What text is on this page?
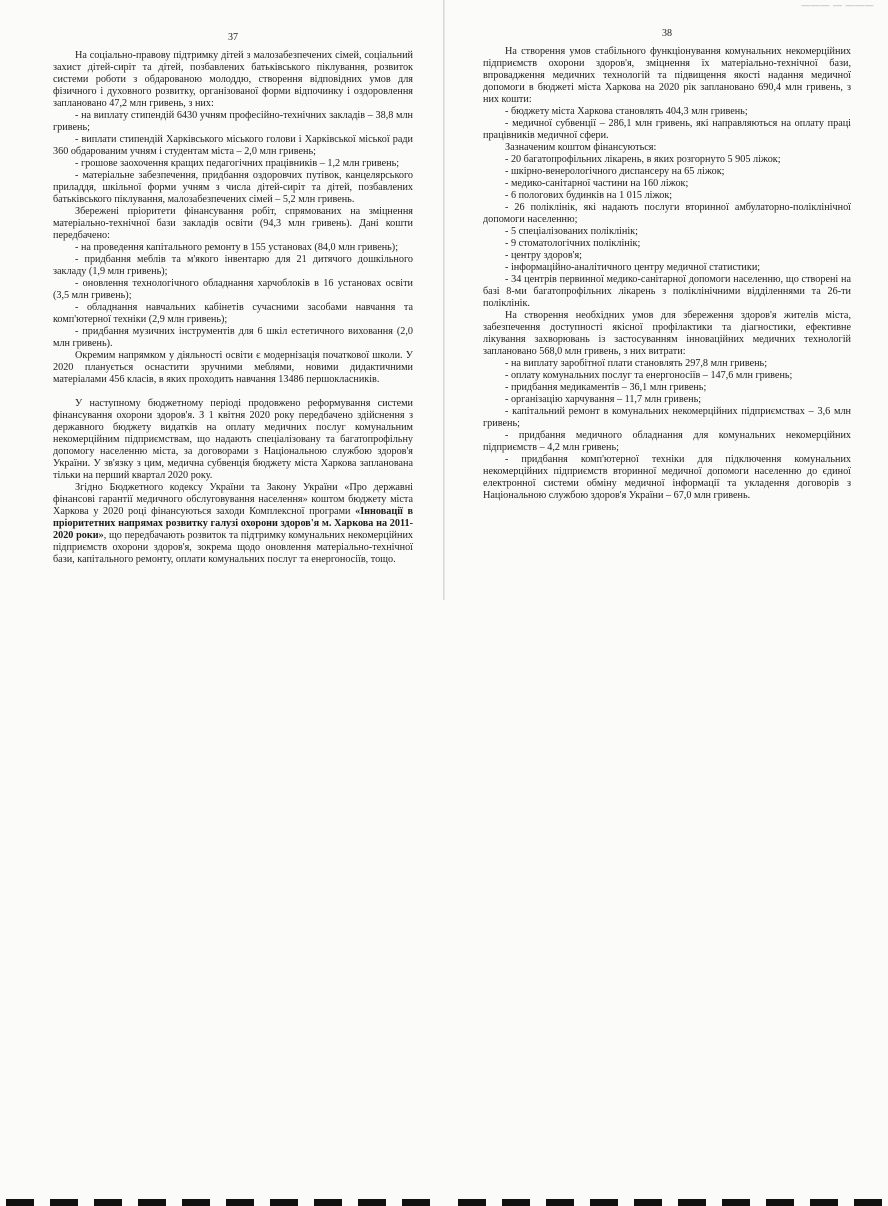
——— — ———
37

На соціально-правову підтримку дітей з малозабезпечених сімей, соціальний захист дітей-сиріт та дітей, позбавлених батьківського піклування, розвиток системи роботи з обдарованою молоддю, створення відповідних умов для фізичного і духовного розвитку, організованої форми відпочинку і оздоровлення заплановано 47,2 млн гривень, з них:

- на виплату стипендій 6430 учням професійно-технічних закладів – 38,8 млн гривень;

- виплати стипендій Харківського міського голови і Харківської міської ради 360 обдарованим учням і студентам міста – 2,0 млн гривень;

- грошове заохочення кращих педагогічних працівників – 1,2 млн гривень;

- матеріальне забезпечення, придбання оздоровчих путівок, канцелярського приладдя, шкільної форми учням з числа дітей-сиріт та дітей, позбавлених батьківського піклування, малозабезпечених сімей – 5,2 млн гривень.

Збережені пріоритети фінансування робіт, спрямованих на зміцнення матеріально-технічної бази закладів освіти (94,3 млн гривень). Дані кошти передбачено:

- на проведення капітального ремонту в 155 установах (84,0 млн гривень);

- придбання меблів та м'якого інвентарю для 21 дитячого дошкільного закладу (1,9 млн гривень);

- оновлення технологічного обладнання харчоблоків в 16 установах освіти (3,5 млн гривень);

- обладнання навчальних кабінетів сучасними засобами навчання та комп'ютерної техніки (2,9 млн гривень);

- придбання музичних інструментів для 6 шкіл естетичного виховання (2,0 млн гривень).

Окремим напрямком у діяльності освіти є модернізація початкової школи. У 2020 планується оснастити зручними меблями, новими дидактичними матеріалами 456 класів, в яких проходить навчання 13486 першокласників.

У наступному бюджетному періоді продовжено реформування системи фінансування охорони здоров'я. З 1 квітня 2020 року передбачено здійснення з державного бюджету видатків на оплату медичних послуг комунальним некомерційним підприємствам, що надають спеціалізовану та багатопрофільну допомогу населенню міста, за договорами з Національною службою здоров'я України. У зв'язку з цим, медична субвенція бюджету міста Харкова запланована тільки на перший квартал 2020 року.

Згідно Бюджетного кодексу України та Закону України «Про державні фінансові гарантії медичного обслуговування населення» коштом бюджету міста Харкова у 2020 році фінансуються заходи Комплексної програми «Інновації в пріоритетних напрямах розвитку галузі охорони здоров'я м. Харкова на 2011-2020 роки», що передбачають розвиток та підтримку комунальних некомерційних підприємств охорони здоров'я, зокрема щодо оновлення матеріально-технічної бази, капітального ремонту, оплати комунальних послуг та енергоносіїв, тощо.

38

На створення умов стабільного функціонування комунальних некомерційних підприємств охорони здоров'я, зміцнення їх матеріально-технічної бази, впровадження медичних технологій та підвищення якості надання медичної допомоги в бюджеті міста Харкова на 2020 рік заплановано 690,4 млн гривень, з них кошти:

- бюджету міста Харкова становлять 404,3 млн гривень;

- медичної субвенції – 286,1 млн гривень, які направляються на оплату праці працівників медичної сфери.

Зазначеним коштом фінансуються:

- 20 багатопрофільних лікарень, в яких розгорнуто 5 905 ліжок;

- шкірно-венерологічного диспансеру на 65 ліжок;

- медико-санітарної частини на 160 ліжок;

- 6 пологових будинків на 1 015 ліжок;

- 26 поліклінік, які надають послуги вторинної амбулаторно-поліклінічної допомоги населенню;

- 5 спеціалізованих поліклінік;

- 9 стоматологічних поліклінік;

- центру здоров'я;

- інформаційно-аналітичного центру медичної статистики;

- 34 центрів первинної медико-санітарної допомоги населенню, що створені на базі 8-ми багатопрофільних лікарень з поліклінічними відділеннями та 26-ти поліклінік.

На створення необхідних умов для збереження здоров'я жителів міста, забезпечення доступності якісної профілактики та діагностики, ефективне лікування захворювань із застосуванням інноваційних медичних технологій заплановано 568,0 млн гривень, з них витрати:

- на виплату заробітної плати становлять 297,8 млн гривень;

- оплату комунальних послуг та енергоносіїв – 147,6 млн гривень;

- придбання медикаментів – 36,1 млн гривень;

- організацію харчування – 11,7 млн гривень;

- капітальний ремонт в комунальних некомерційних підприємствах – 3,6 млн гривень;

- придбання медичного обладнання для комунальних некомерційних підприємств – 4,2 млн гривень;

- придбання комп'ютерної техніки для підключення комунальних некомерційних підприємств вторинної медичної допомоги населенню до єдиної електронної системи обміну медичної інформації та укладення договорів з Національною службою здоров'я України – 67,0 млн гривень.
